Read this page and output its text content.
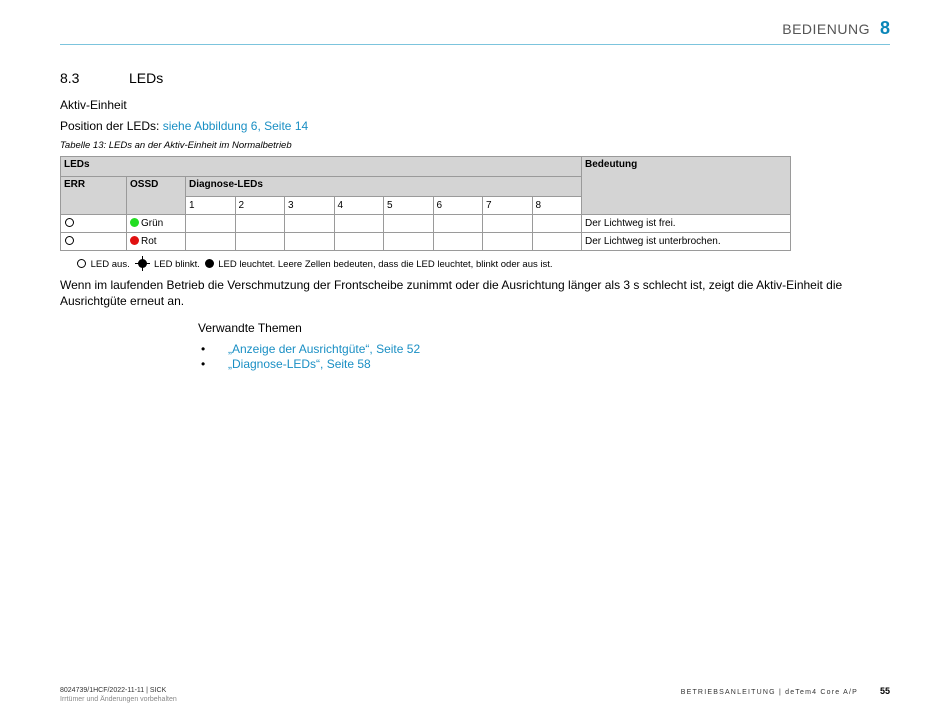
BEDIENUNG 8
8.3	LEDs
Aktiv-Einheit
Position der LEDs: siehe Abbildung 6, Seite 14
Tabelle 13: LEDs an der Aktiv-Einheit im Normalbetrieb
LEDs										Bedeutung
ERR	OSSD	Diagnose-LEDs								
		1	2	3	4	5	6	7	8	
	Grün									Der Lichtweg ist frei.
	Rot									Der Lichtweg ist unterbrochen.
LED aus.	LED blinkt. LED leuchtet. Leere Zellen bedeuten, dass die LED leuchtet, blinkt oder aus ist.
Wenn im laufenden Betrieb die Verschmutzung der Frontscheibe zunimmt oder die Ausrichtung länger als 3 s schlecht ist, zeigt die Aktiv-Einheit die Ausrichtgüte erneut an.
Verwandte Themen
•	„Anzeige der Ausrichtgüte“, Seite 52
•	„Diagnose-LEDs“, Seite 58
8024739/1HCF/2022-11-11 | SICK
Irrtümer und Änderungen vorbehalten
BETRIEBSANLEITUNG | deTem4 Core A/P 55
